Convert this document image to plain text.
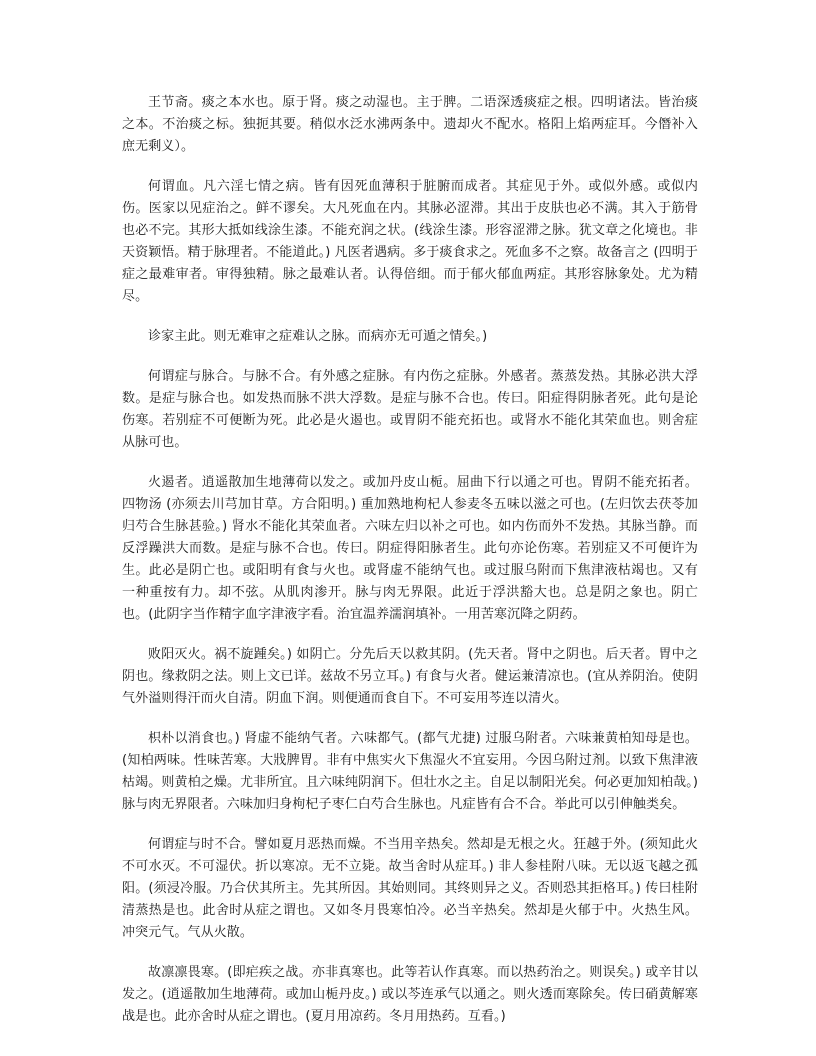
王节斋。痰之本水也。原于肾。痰之动湿也。主于脾。二语深透痰症之根。四明诸法。皆治痰之本。不治痰之标。独扼其要。稍似水泛水沸两条中。遗却火不配水。格阳上焰两症耳。今僭补入庶无剩义）。

何谓血。凡六淫七情之病。皆有因死血薄积于脏腑而成者。其症见于外。或似外感。或似内伤。医家以见症治之。鲜不谬矣。大凡死血在内。其脉必涩滞。其出于皮肤也必不满。其入于筋骨也必不完。其形大抵如线涂生漆。不能充润之状。(线涂生漆。形容涩滞之脉。犹文章之化境也。非天资颖悟。精于脉理者。不能道此。) 凡医者遇病。多于痰食求之。死血多不之察。故备言之 (四明于症之最难审者。审得独精。脉之最难认者。认得倍细。而于郁火郁血两症。其形容脉象处。尤为精尽。

诊家主此。则无难审之症难认之脉。而病亦无可遁之情矣。)

何谓症与脉合。与脉不合。有外感之症脉。有内伤之症脉。外感者。蒸蒸发热。其脉必洪大浮数。是症与脉合也。如发热而脉不洪大浮数。是症与脉不合也。传曰。阳症得阴脉者死。此句是论伤寒。若别症不可便断为死。此必是火遏也。或胃阴不能充拓也。或肾水不能化其荣血也。则舍症从脉可也。

火遏者。逍遥散加生地薄荷以发之。或加丹皮山栀。屈曲下行以通之可也。胃阴不能充拓者。四物汤 (亦须去川芎加甘草。方合阳明。) 重加熟地枸杞人参麦冬五味以滋之可也。(左归饮去茯苓加归芍合生脉甚验。) 肾水不能化其荣血者。六味左归以补之可也。如内伤而外不发热。其脉当静。而反浮躁洪大而数。是症与脉不合也。传曰。阴症得阳脉者生。此句亦论伤寒。若别症又不可便许为生。此必是阴亡也。或阳明有食与火也。或肾虚不能纳气也。或过服乌附而下焦津液枯竭也。又有一种重按有力。却不弦。从肌肉渗开。脉与肉无界限。此近于浮洪豁大也。总是阴之象也。阴亡也。(此阴字当作精字血字津液字看。治宜温养濡润填补。一用苦寒沉降之阴药。

败阳灭火。祸不旋踵矣。) 如阴亡。分先后天以救其阴。(先天者。肾中之阴也。后天者。胃中之阴也。缘救阴之法。则上文已详。兹故不另立耳。) 有食与火者。健运兼清凉也。(宜从养阴治。使阴气外溢则得汗而火自清。阴血下润。则便通而食自下。不可妄用芩连以清火。

枳朴以消食也。) 肾虚不能纳气者。六味都气。(都气尤捷) 过服乌附者。六味兼黄柏知母是也。(知柏两味。性味苦寒。大戕脾胃。非有中焦实火下焦湿火不宜妄用。今因乌附过剂。以致下焦津液枯竭。则黄柏之燥。尤非所宜。且六味纯阴润下。但壮水之主。自足以制阳光矣。何必更加知柏哉。) 脉与肉无界限者。六味加归身枸杞子枣仁白芍合生脉也。凡症皆有合不合。举此可以引伸触类矣。

何谓症与时不合。譬如夏月恶热而燥。不当用辛热矣。然却是无根之火。狂越于外。(须知此火不可水灭。不可湿伏。折以寒凉。无不立毙。故当舍时从症耳。) 非人参桂附八味。无以返飞越之孤阳。(须浸冷服。乃合伏其所主。先其所因。其始则同。其终则异之义。否则恐其拒格耳。) 传曰桂附清蒸热是也。此舍时从症之谓也。又如冬月畏寒怕冷。必当辛热矣。然却是火郁于中。火热生风。冲突元气。气从火散。

故凛凛畏寒。(即疟疾之战。亦非真寒也。此等若认作真寒。而以热药治之。则误矣。) 或辛甘以发之。(逍遥散加生地薄荷。或加山栀丹皮。) 或以芩连承气以通之。则火透而寒除矣。传曰硝黄解寒战是也。此亦舍时从症之谓也。(夏月用凉药。冬月用热药。互看。)
